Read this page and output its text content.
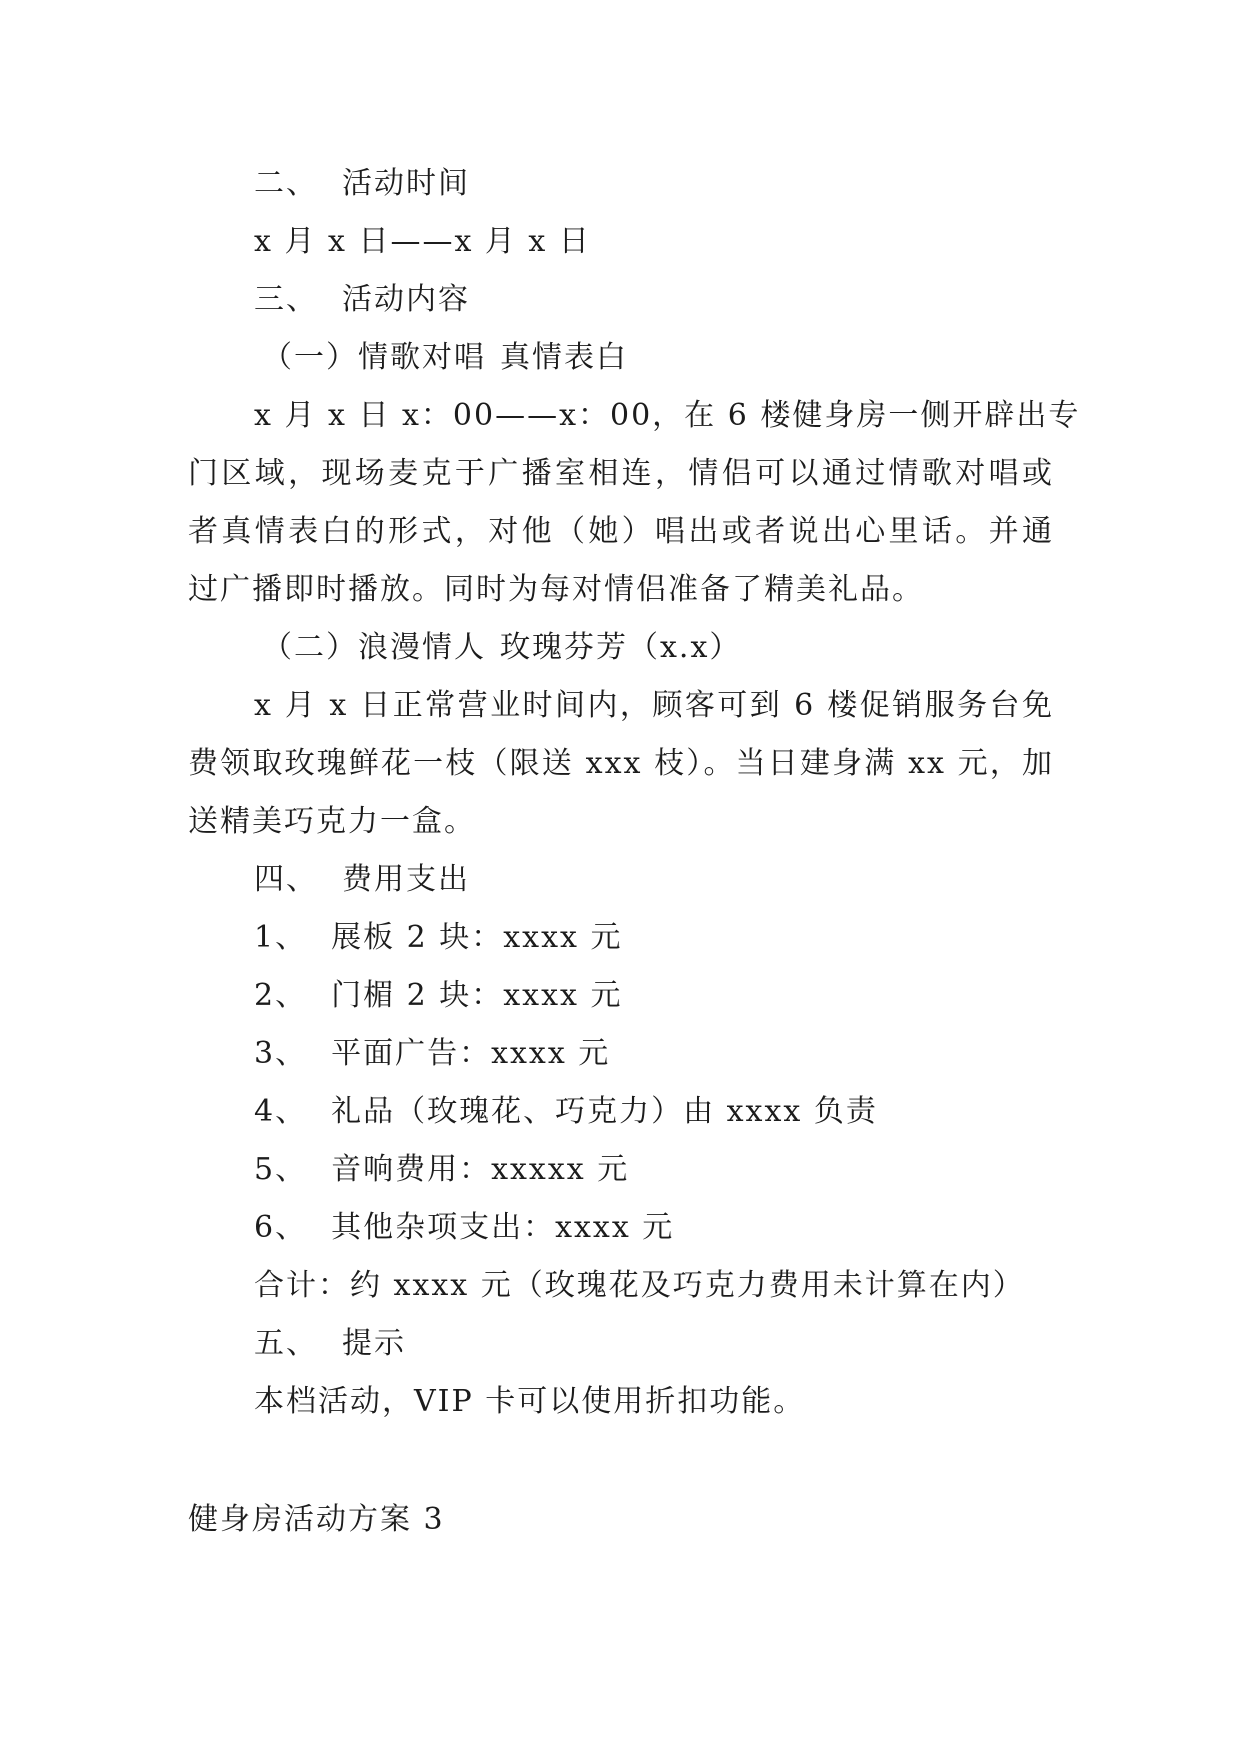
二、 活动时间
x 月 x 日——x 月 x 日
三、 活动内容
（一）情歌对唱 真情表白
x 月 x 日 x：00——x：00，在 6 楼健身房一侧开辟出专
门区域，现场麦克于广播室相连，情侣可以通过情歌对唱或
者真情表白的形式，对他（她）唱出或者说出心里话。并通
过广播即时播放。同时为每对情侣准备了精美礼品。
（二）浪漫情人 玫瑰芬芳（x.x）
x 月 x 日正常营业时间内，顾客可到 6 楼促销服务台免
费领取玫瑰鲜花一枝（限送 xxx 枝）。当日建身满 xx 元，加
送精美巧克力一盒。
四、 费用支出
1、 展板 2 块：xxxx 元
2、 门楣 2 块：xxxx 元
3、 平面广告：xxxx 元
4、 礼品（玫瑰花、巧克力）由 xxxx 负责
5、 音响费用：xxxxx 元
6、 其他杂项支出：xxxx 元
合计：约 xxxx 元（玫瑰花及巧克力费用未计算在内）
五、 提示
本档活动，VIP 卡可以使用折扣功能。
健身房活动方案 3
